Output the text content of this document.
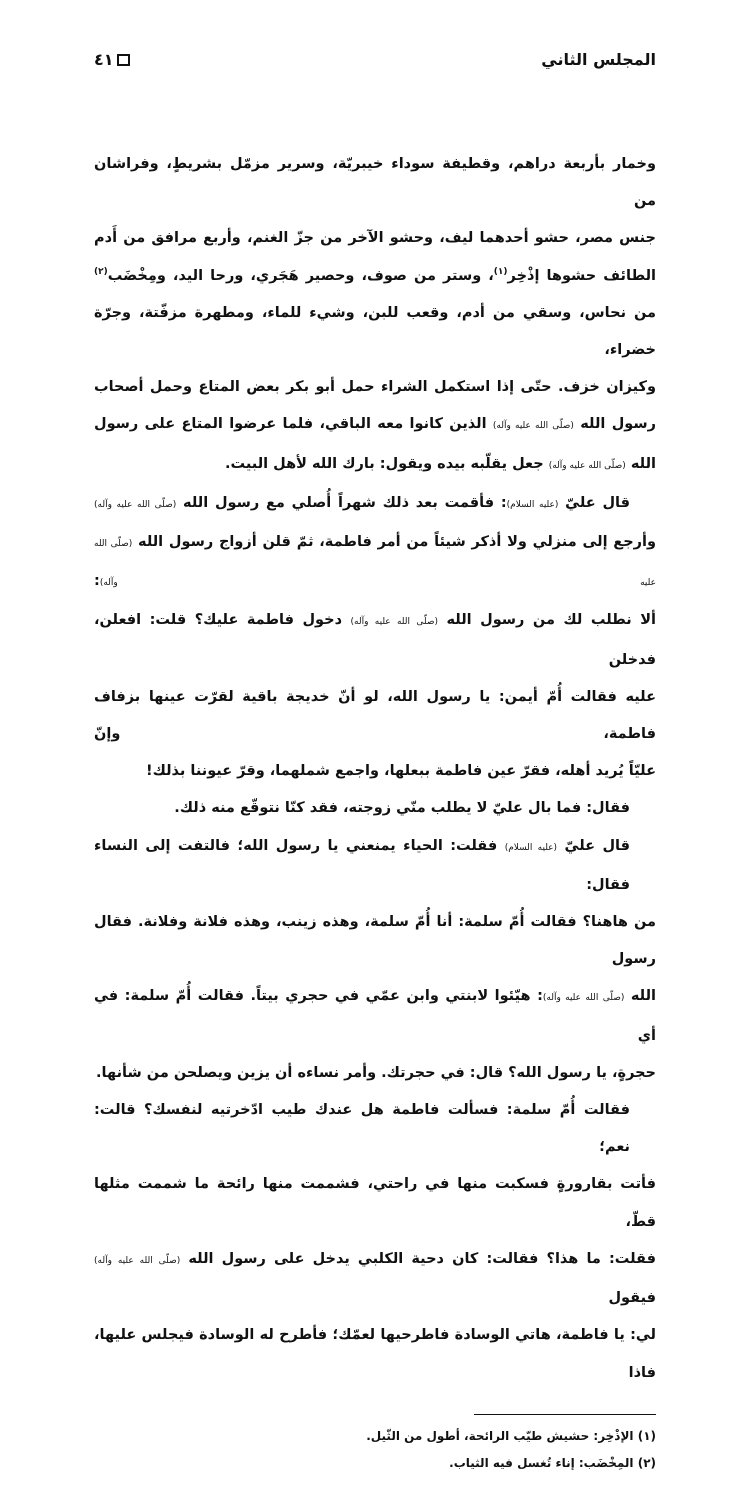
المجلس الثاني
٤١
وخمار بأربعة دراهم، وقطيفة سوداء خيبريّة، وسرير مزمّل بشريطٍ، وفراشان من
جنس مصر، حشو أحدهما ليف، وحشو الآخر من جزّ الغنم، وأربع مرافق من أَدم
الطائف حشوها إذْخِر$^{(١)}$، وستر من صوف، وحصير هَجَري، ورحا اليد، ومِخْضَب$^{(٢)}$
من نحاس، وسقي من أدم، وقعب للبن، وشيء للماء، ومطهرة مزفّتة، وجرّة خضراء،
وكيزان خزف. حتّى إذا استكمل الشراء حمل أبو بكر بعض المتاع وحمل أصحاب
رسول الله (صلّى الله عليه وآله) الذين كانوا معه الباقي، فلما عرضوا المتاع على رسول
الله (صلّى الله عليه وآله) جعل يقلّبه بيده ويقول: بارك الله لأهل البيت.
قال عليّ (عليه السلام): فأقمت بعد ذلك شهراً أُصلي مع رسول الله (صلّى الله عليه وآله)
وأرجع إلى منزلي ولا أذكر شيئاً من أمر فاطمة، ثمّ قلن أزواج رسول الله (صلّى الله عليه وآله):
ألا نطلب لك من رسول الله (صلّى الله عليه وآله) دخول فاطمة عليك؟ قلت: افعلن، فدخلن
عليه فقالت أُمّ أيمن: يا رسول الله، لو أنّ خديجة باقية لقرّت عينها بزفاف فاطمة، وإنّ
عليّاً يُريد أهله، فقرّ عين فاطمة ببعلها، واجمع شملهما، وقرّ عيوننا بذلك!
فقال: فما بال عليّ لا يطلب منّي زوجته، فقد كنّا نتوقّع منه ذلك.
قال عليّ (عليه السلام) فقلت: الحياء يمنعني يا رسول الله؛ فالتفت إلى النساء فقال:
من هاهنا؟ فقالت أُمّ سلمة: أنا أُمّ سلمة، وهذه زينب، وهذه فلانة وفلانة. فقال رسول
الله (صلّى الله عليه وآله): هيّئوا لابنتي وابن عمّي في حجري بيتاً. فقالت أُمّ سلمة: في أي
حجرةٍ، يا رسول الله؟ قال: في حجرتك. وأمر نساءه أن يزين ويصلحن من شأنها.
فقالت أُمّ سلمة: فسألت فاطمة هل عندك طيب ادّخرتيه لنفسك؟ قالت: نعم؛
فأتت بقارورةٍ فسكبت منها في راحتي، فشممت منها رائحة ما شممت مثلها قطّ،
فقلت: ما هذا؟ فقالت: كان دحية الكلبي يدخل على رسول الله (صلّى الله عليه وآله) فيقول
لي: يا فاطمة، هاتي الوسادة فاطرحيها لعمّك؛ فأطرح له الوسادة فيجلس عليها، فاذا
(١) الإذْخِر: حشيش طيّب الرائحة، أطول من الثّيل.
(٢) المِخْضَب: إناء تُغسل فيه الثياب.
